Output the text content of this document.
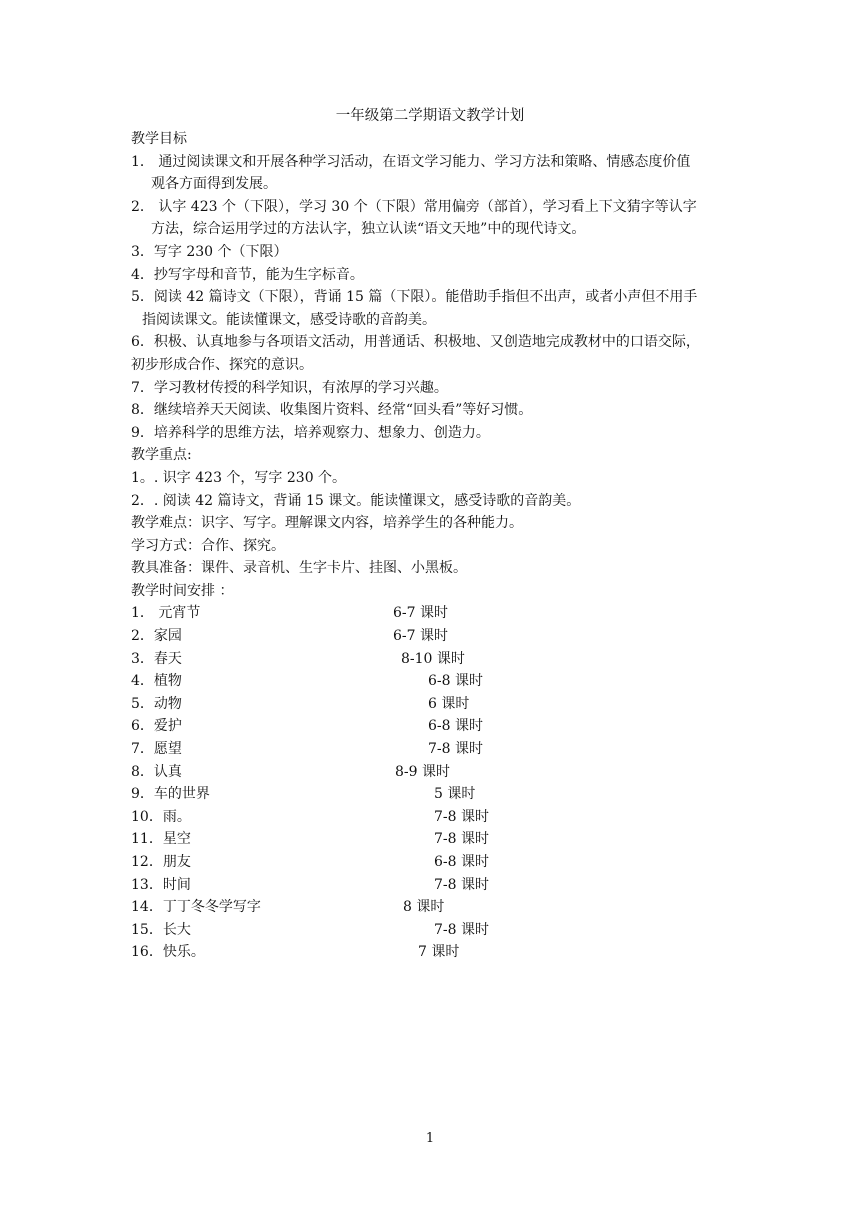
一年级第二学期语文教学计划
教学目标
1． 通过阅读课文和开展各种学习活动，在语文学习能力、学习方法和策略、情感态度价值
观各方面得到发展。
2． 认字 423 个（下限），学习 30 个（下限）常用偏旁（部首），学习看上下文猜字等认字
方法，综合运用学过的方法认字，独立认读“语文天地”中的现代诗文。
3．写字 230 个（下限）
4．抄写字母和音节，能为生字标音。
5．阅读 42 篇诗文（下限），背诵 15 篇（下限）。能借助手指但不出声，或者小声但不用手
指阅读课文。能读懂课文，感受诗歌的音韵美。
6．积极、认真地参与各项语文活动，用普通话、积极地、又创造地完成教材中的口语交际，
初步形成合作、探究的意识。
7．学习教材传授的科学知识，有浓厚的学习兴趣。
8．继续培养天天阅读、收集图片资料、经常“回头看”等好习惯。
9．培养科学的思维方法，培养观察力、想象力、创造力。
教学重点:
1。. 识字 423 个，写字 230 个。
2．. 阅读 42 篇诗文，背诵 15 课文。能读懂课文，感受诗歌的音韵美。
教学难点：识字、写字。理解课文内容，培养学生的各种能力。
学习方式：合作、探究。
教具准备：课件、录音机、生字卡片、挂图、小黑板。
教学时间安排 ：
1． 元宵节	6-7 课时
2．家园	6-7 课时
3．春天	8-10 课时
4．植物	6-8 课时
5．动物	6 课时
6．爱护	6-8 课时
7．愿望	7-8 课时
8．认真	8-9 课时
9．车的世界	5 课时
10．雨。	7-8 课时
11．星空	7-8 课时
12．朋友	6-8 课时
13．时间	7-8 课时
14．丁丁冬冬学写字	8 课时
15．长大	7-8 课时
16．快乐。	7 课时
1
